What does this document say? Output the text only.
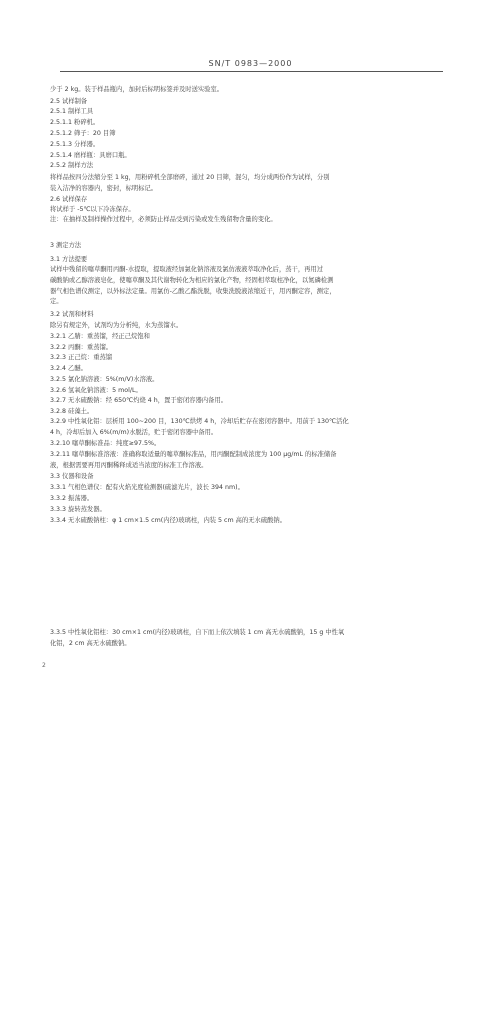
SN/T 0983—2000
少于 2 kg。装于样品瓶内，加封后标明标签并及时送实验室。
2.5 试样制备
2.5.1 制样工具
2.5.1.1 粉碎机。
2.5.1.2 筛子：20 目筛
2.5.1.3 分样器。
2.5.1.4 磨样瓶：具磨口瓶。
2.5.2 制样方法
将样品按四分法缩分至 1 kg，用粉碎机全部磨碎，通过 20 目筛，混匀，均分成两份作为试样，分别
装入洁净的容器内，密封，标明标记。
2.6 试样保存
将试样于 -5℃以下冷冻保存。
注：在抽样及制样操作过程中，必须防止样品受到污染或发生残留物含量的变化。
3 测定方法
3.1 方法提要
试样中残留的噻草酮用丙酮-水提取，提取液经加氯化钠溶液及氯仿液液萃取净化后，蒸干，再用过
碳酸钠或乙醇溶液皂化，使噻草酮及其代谢物转化为相应的氯化产物，经固相萃取柱净化，以氮磷检测
器气相色谱仪测定，以外标法定量。用氯仿-乙酸乙酯洗脱，收集洗脱液浓缩近干，用丙酮定容，测定，
定。
3.2 试剂和材料
除另有规定外，试剂均为分析纯，水为蒸馏水。
3.2.1 乙腈：重蒸馏，经正己烷饱和
3.2.2 丙酮：重蒸馏。
3.2.3 正己烷：重蒸馏
3.2.4 乙醚。
3.2.5 氯化钠溶液：5%(m/V)水溶液。
3.2.6 氢氧化钠溶液：5 mol/L。
3.2.7 无水硫酸钠：经 650℃灼烧 4 h，置于密闭容器内备用。
3.2.8 硅藻土。
3.2.9 中性氧化铝：层析用 100~200 目，130℃烘烤 4 h，冷却后贮存在密闭容器中。用前于 130℃活化
4 h，冷却后加入 6%(m/m)水脱活，贮于密闭容器中备用。
3.2.10 噻草酮标准品：纯度≥97.5%。
3.2.11 噻草酮标准溶液：准确称取适量的噻草酮标准品，用丙酮配制成浓度为 100 μg/mL 的标准储备
液，根据需要再用丙酮稀释成适当浓度的标准工作溶液。
3.3 仪器和设备
3.3.1 气相色谱仪：配有火焰光度检测器(硫滤光片，波长 394 nm)。
3.3.2 振荡器。
3.3.3 旋转蒸发器。
3.3.4 无水硫酸钠柱：φ 1 cm×1.5 cm(内径)玻璃柱，内装 5 cm 高的无水硫酸钠。
3.3.5 中性氧化铝柱：30 cm×1 cm(内径)玻璃柱，自下而上依次填装 1 cm 高无水硫酸钠，15 g 中性氧
化铝，2 cm 高无水硫酸钠。
2
